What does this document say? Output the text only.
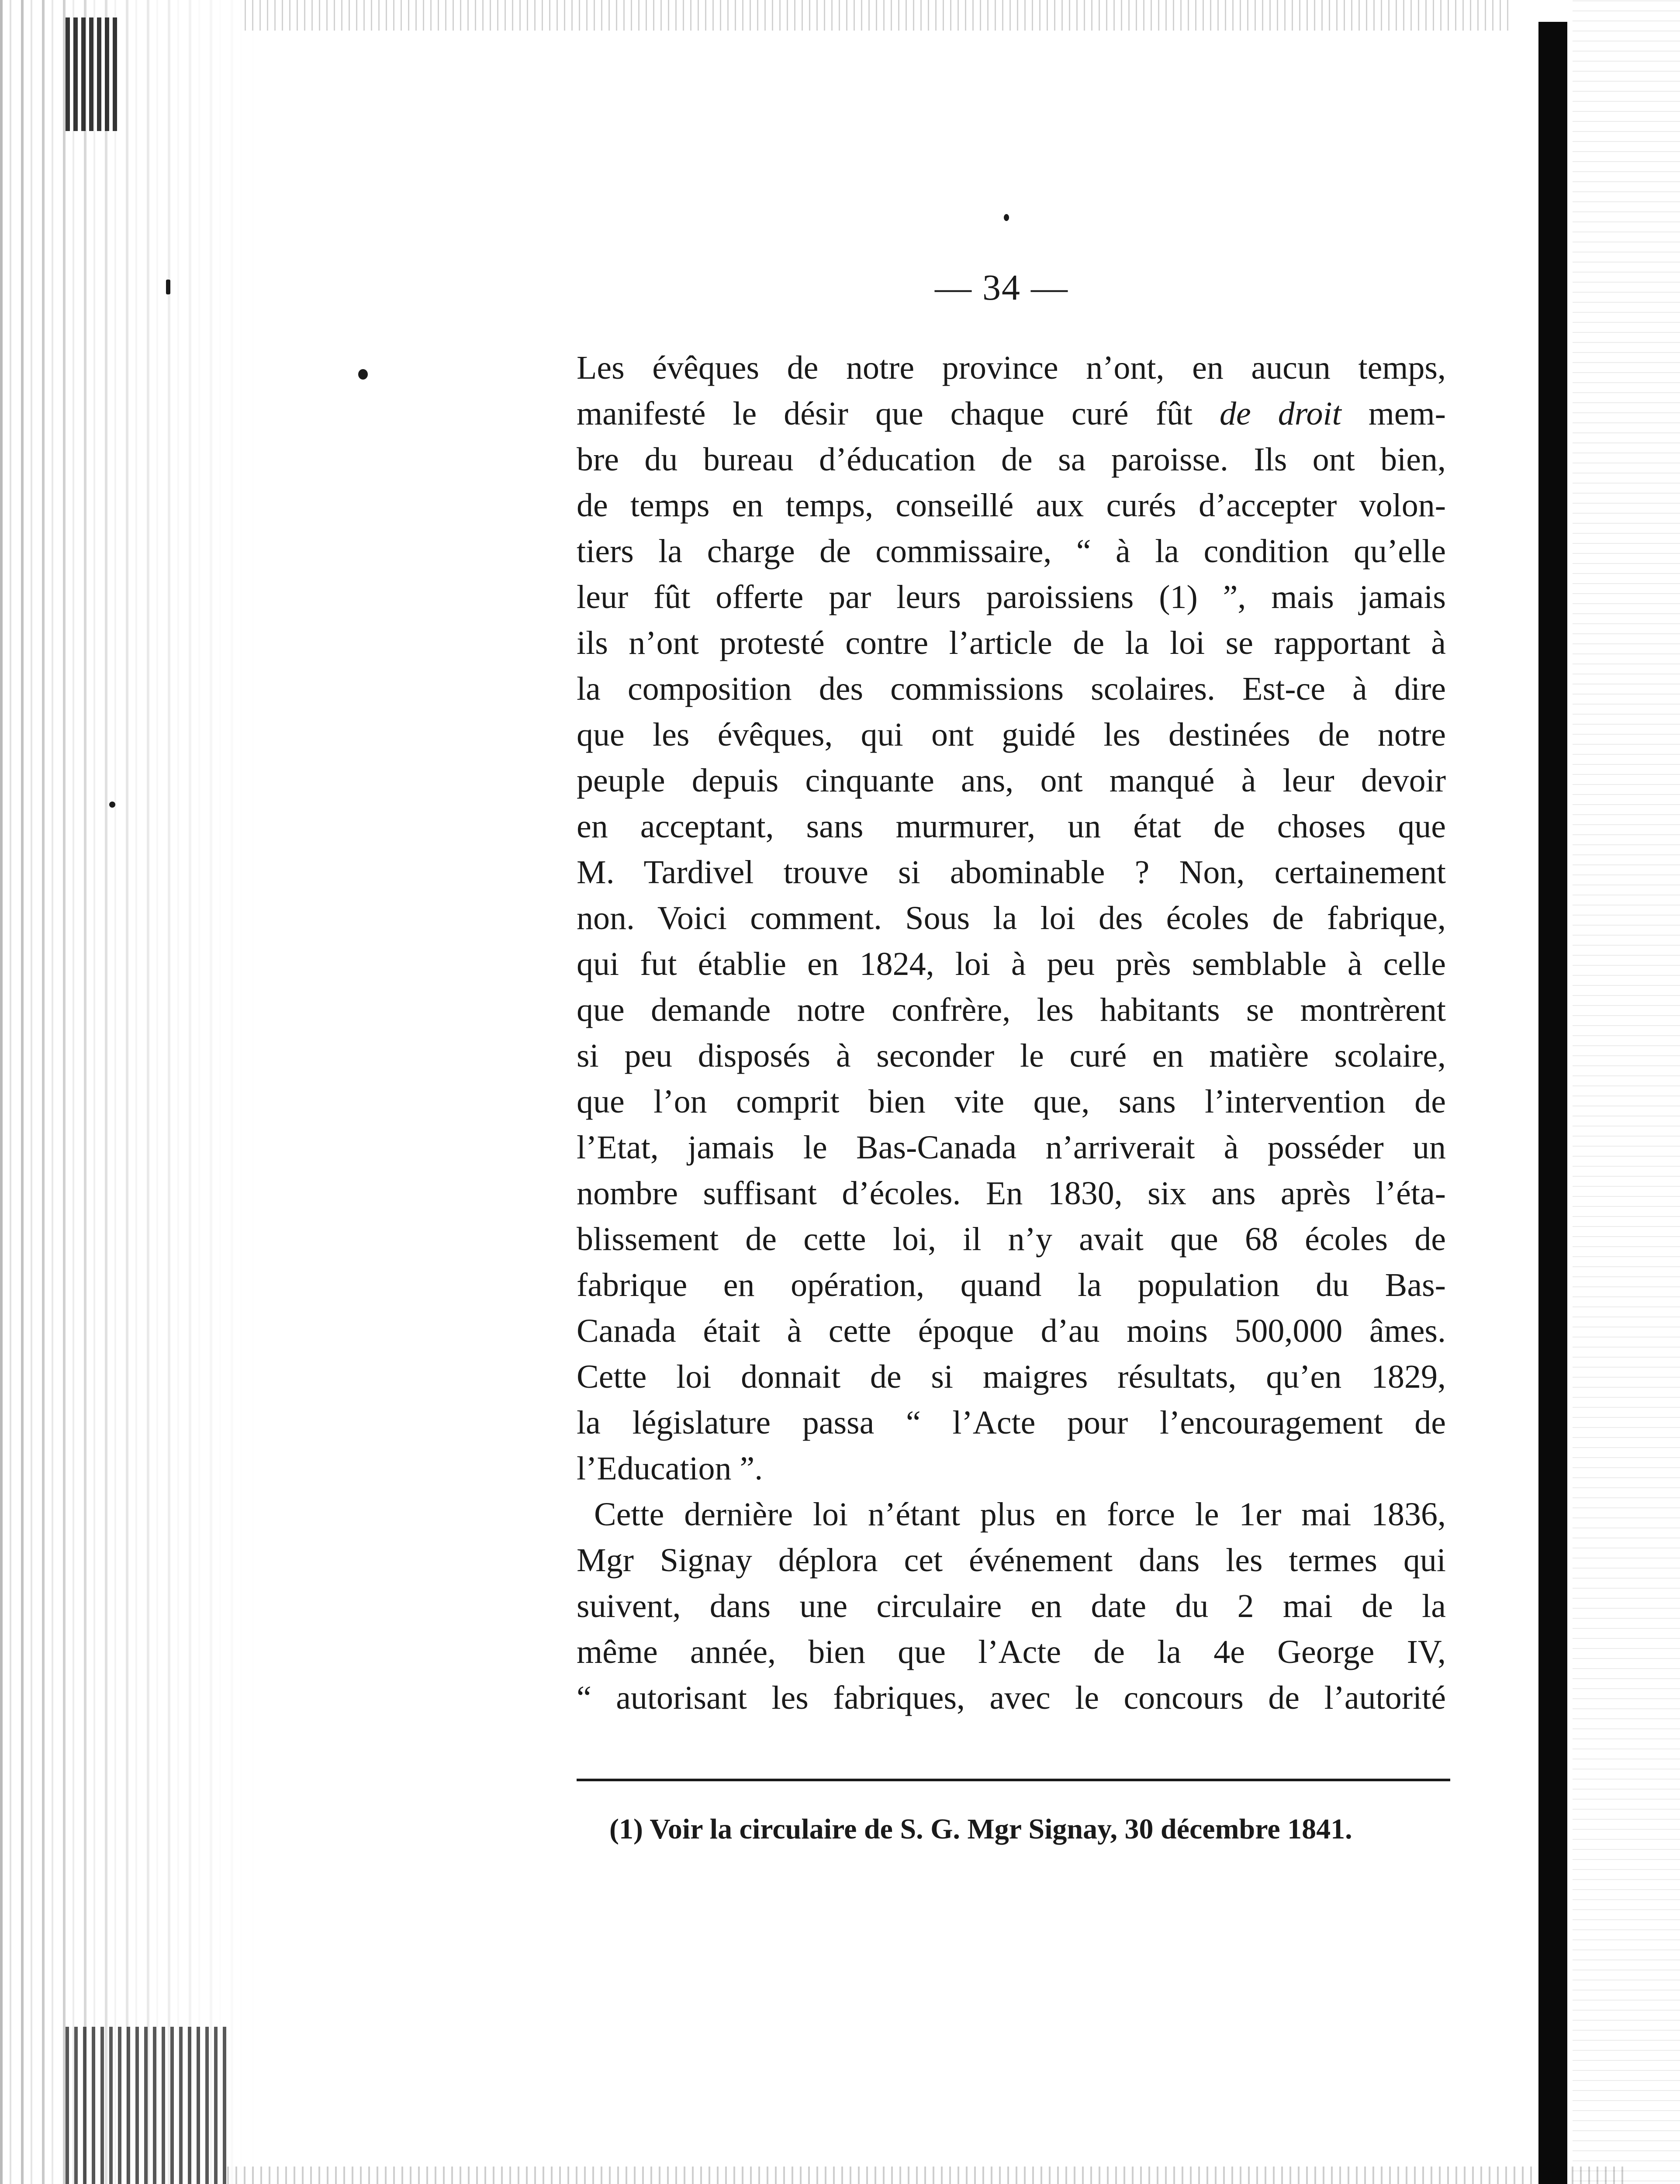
— 34 —
Les évêques de notre province n’ont, en aucun temps,
manifesté le désir que chaque curé fût de droit mem-
bre du bureau d’éducation de sa paroisse. Ils ont bien,
de temps en temps, conseillé aux curés d’accepter volon-
tiers la charge de commissaire, “ à la condition qu’elle
leur fût offerte par leurs paroissiens (1) ”, mais jamais
ils n’ont protesté contre l’article de la loi se rapportant à
la composition des commissions scolaires. Est-ce à dire
que les évêques, qui ont guidé les destinées de notre
peuple depuis cinquante ans, ont manqué à leur devoir
en acceptant, sans murmurer, un état de choses que
M. Tardivel trouve si abominable ? Non, certainement
non. Voici comment. Sous la loi des écoles de fabrique,
qui fut établie en 1824, loi à peu près semblable à celle
que demande notre confrère, les habitants se montrèrent
si peu disposés à seconder le curé en matière scolaire,
que l’on comprit bien vite que, sans l’intervention de
l’Etat, jamais le Bas-Canada n’arriverait à posséder un
nombre suffisant d’écoles. En 1830, six ans après l’éta-
blissement de cette loi, il n’y avait que 68 écoles de
fabrique en opération, quand la population du Bas-
Canada était à cette époque d’au moins 500,000 âmes.
Cette loi donnait de si maigres résultats, qu’en 1829,
la législature passa “ l’Acte pour l’encouragement de
l’Education ”.
Cette dernière loi n’étant plus en force le 1er mai 1836,
Mgr Signay déplora cet événement dans les termes qui
suivent, dans une circulaire en date du 2 mai de la
même année, bien que l’Acte de la 4e George IV,
“ autorisant les fabriques, avec le concours de l’autorité
(1) Voir la circulaire de S. G. Mgr Signay, 30 décembre 1841.
